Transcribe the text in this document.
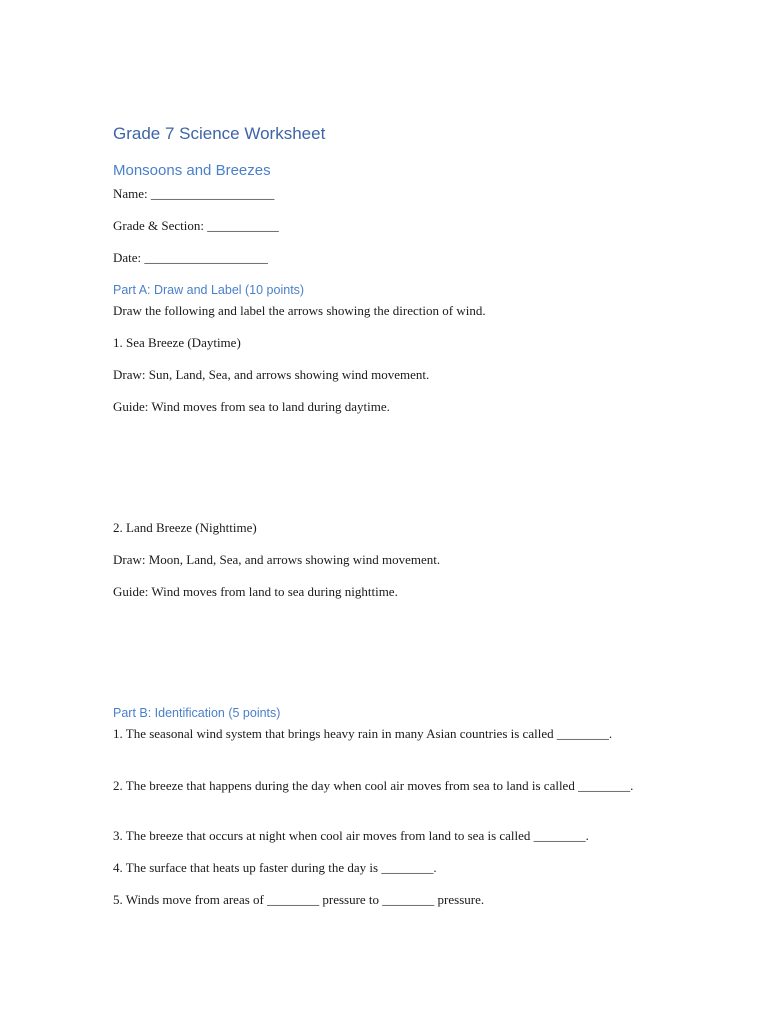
Grade 7 Science Worksheet
Monsoons and Breezes
Name: ___________________
Grade & Section: ___________
Date: ___________________
Part A: Draw and Label (10 points)
Draw the following and label the arrows showing the direction of wind.
1. Sea Breeze (Daytime)
Draw: Sun, Land, Sea, and arrows showing wind movement.
Guide: Wind moves from sea to land during daytime.
2. Land Breeze (Nighttime)
Draw: Moon, Land, Sea, and arrows showing wind movement.
Guide: Wind moves from land to sea during nighttime.
Part B: Identification (5 points)
1. The seasonal wind system that brings heavy rain in many Asian countries is called ________.
2. The breeze that happens during the day when cool air moves from sea to land is called ________.
3. The breeze that occurs at night when cool air moves from land to sea is called ________.
4. The surface that heats up faster during the day is ________.
5. Winds move from areas of ________ pressure to ________ pressure.
